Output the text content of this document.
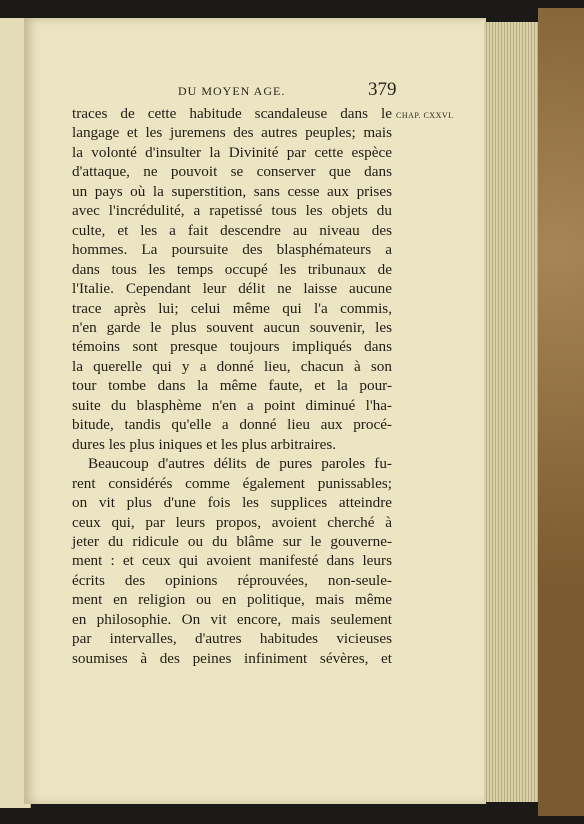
DU MOYEN AGE.	379
CHAP. CXXVI.
traces de cette habitude scandaleuse dans le
langage et les juremens des autres peuples; mais
la volonté d'insulter la Divinité par cette espèce
d'attaque, ne pouvoit se conserver que dans
un pays où la superstition, sans cesse aux prises
avec l'incrédulité, a rapetissé tous les objets du
culte, et les a fait descendre au niveau des
hommes. La poursuite des blasphémateurs a
dans tous les temps occupé les tribunaux de
l'Italie. Cependant leur délit ne laisse aucune
trace après lui; celui même qui l'a commis,
n'en garde le plus souvent aucun souvenir, les
témoins sont presque toujours impliqués dans
la querelle qui y a donné lieu, chacun à son
tour tombe dans la même faute, et la pour-
suite du blasphème n'en a point diminué l'ha-
bitude, tandis qu'elle a donné lieu aux procé-
dures les plus iniques et les plus arbitraires.
Beaucoup d'autres délits de pures paroles fu-
rent considérés comme également punissables;
on vit plus d'une fois les supplices atteindre
ceux qui, par leurs propos, avoient cherché à
jeter du ridicule ou du blâme sur le gouverne-
ment : et ceux qui avoient manifesté dans leurs
écrits des opinions réprouvées, non-seule-
ment en religion ou en politique, mais même
en philosophie. On vit encore, mais seulement
par intervalles, d'autres habitudes vicieuses
soumises à des peines infiniment sévères, et
